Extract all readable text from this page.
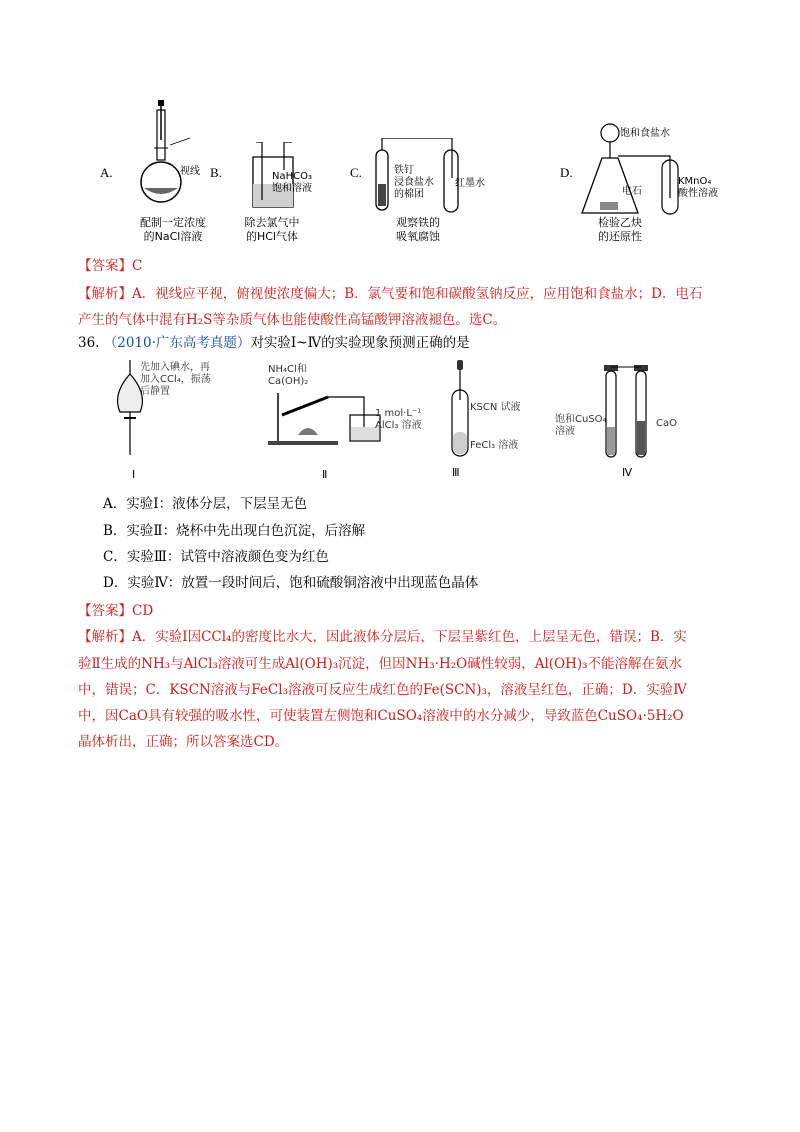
A.	视线
配制一定浓度
的NaCl溶液
B.	NaHCO₃
饱和溶液
除去氯气中
的HCl气体
C.	铁钉
浸食盐水
的棉团
红墨水
观察铁的
吸氧腐蚀
D.
饱和食盐水
电石
KMnO₄
酸性溶液
检验乙炔
的还原性
【答案】C
【解析】A．视线应平视，俯视使浓度偏大；B．氯气要和饱和碳酸氢钠反应，应用饱和食盐水；D．电石
产生的气体中混有H₂S等杂质气体也能使酸性高锰酸钾溶液褪色。选C。
36. （2010·广东高考真题）对实验Ⅰ~Ⅳ的实验现象预测正确的是
先加入碘水，再
加入CCl₄，振荡
后静置
Ⅰ
NH₄Cl和
Ca(OH)₂
1 mol·L⁻¹
AlCl₃ 溶液
Ⅱ
KSCN 试液
FeCl₃ 溶液
Ⅲ
饱和CuSO₄
溶液
CaO
Ⅳ
A．实验Ⅰ：液体分层，下层呈无色
B．实验Ⅱ：烧杯中先出现白色沉淀，后溶解
C．实验Ⅲ：试管中溶液颜色变为红色
D．实验Ⅳ：放置一段时间后，饱和硫酸铜溶液中出现蓝色晶体
【答案】CD
【解析】A．实验Ⅰ因CCl₄的密度比水大，因此液体分层后，下层呈紫红色，上层呈无色，错误；B．实
验Ⅱ生成的NH₃与AlCl₃溶液可生成Al(OH)₃沉淀，但因NH₃·H₂O碱性较弱，Al(OH)₃不能溶解在氨水
中，错误；C．KSCN溶液与FeCl₃溶液可反应生成红色的Fe(SCN)₃，溶液呈红色，正确；D．实验Ⅳ
中，因CaO具有较强的吸水性，可使装置左侧饱和CuSO₄溶液中的水分减少，导致蓝色CuSO₄·5H₂O
晶体析出，正确；所以答案选CD。
